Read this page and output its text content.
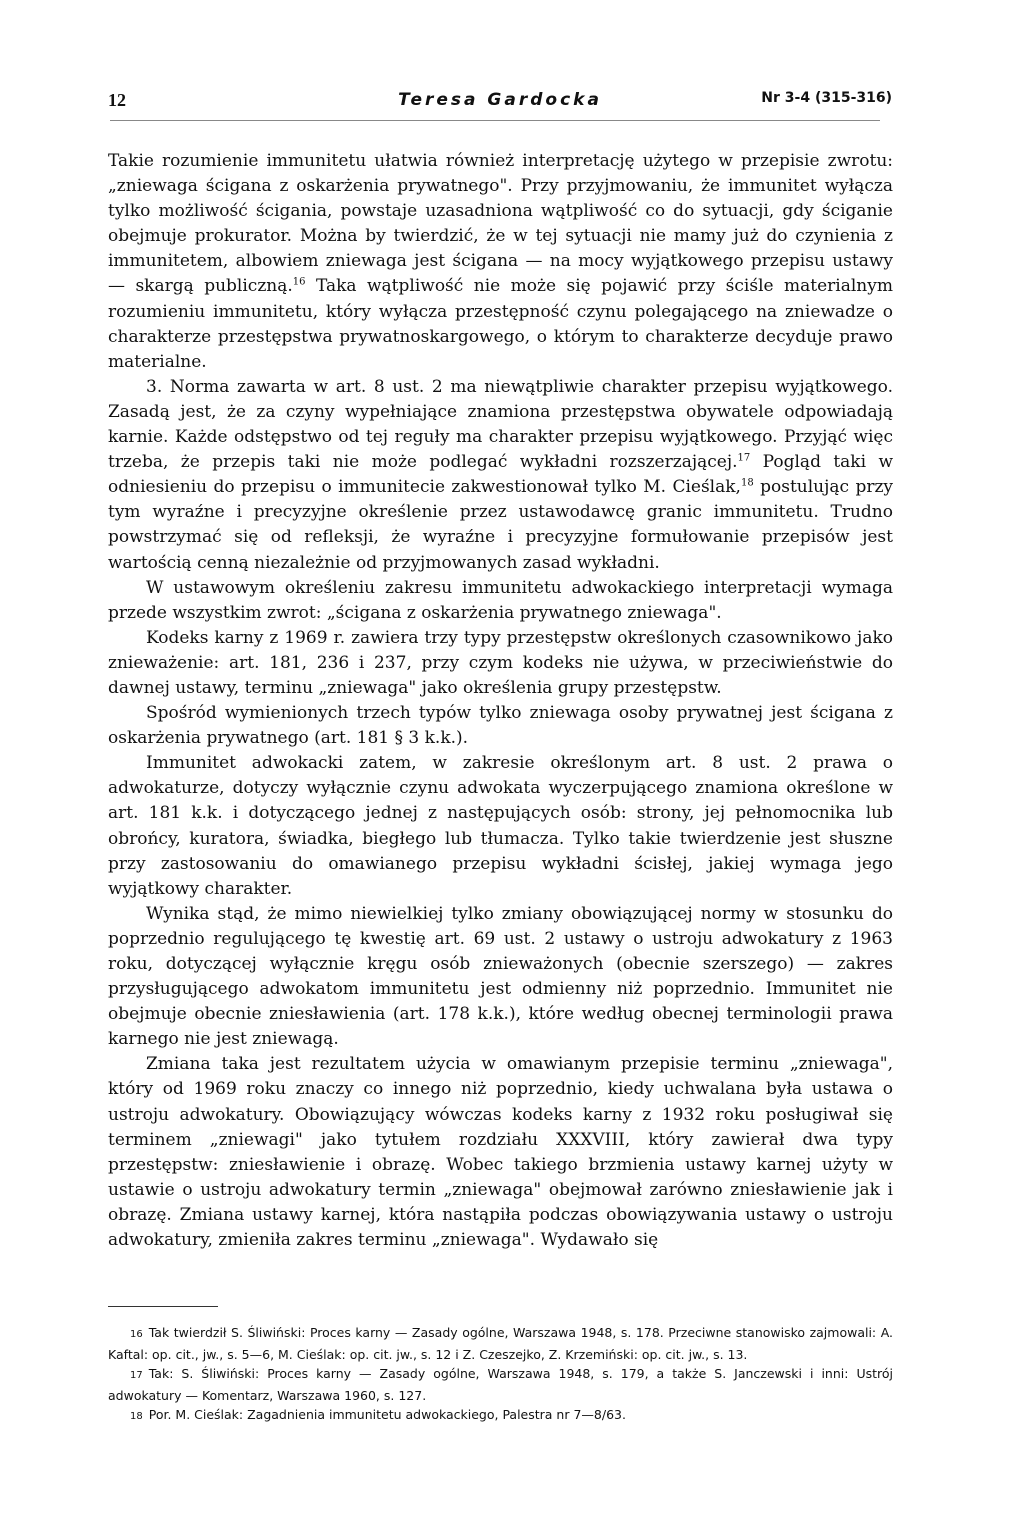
12	Teresa Gardocka	Nr 3-4 (315-316)

Takie rozumienie immunitetu ułatwia również interpretację użytego w przepisie zwrotu: „zniewaga ścigana z oskarżenia prywatnego". Przy przyjmowaniu, że immunitet wyłącza tylko możliwość ścigania, powstaje uzasadniona wątpliwość co do sytuacji, gdy ściganie obejmuje prokurator. Można by twierdzić, że w tej sytuacji nie mamy już do czynienia z immunitetem, albowiem zniewaga jest ścigana — na mocy wyjątkowego przepisu ustawy — skargą publiczną.$^{16}$ Taka wątpliwość nie może się pojawić przy ściśle materialnym rozumieniu immunitetu, który wyłącza przestępność czynu polegającego na zniewadze o charakterze przestępstwa prywatnoskargowego, o którym to charakterze decyduje prawo materialne.

3. Norma zawarta w art. 8 ust. 2 ma niewątpliwie charakter przepisu wyjątkowego. Zasadą jest, że za czyny wypełniające znamiona przestępstwa obywatele odpowiadają karnie. Każde odstępstwo od tej reguły ma charakter przepisu wyjątkowego. Przyjąć więc trzeba, że przepis taki nie może podlegać wykładni rozszerzającej.$^{17}$ Pogląd taki w odniesieniu do przepisu o immunitecie zakwestionował tylko M. Cieślak,$^{18}$ postulując przy tym wyraźne i precyzyjne określenie przez ustawodawcę granic immunitetu. Trudno powstrzymać się od refleksji, że wyraźne i precyzyjne formułowanie przepisów jest wartością cenną niezależnie od przyjmowanych zasad wykładni.

W ustawowym określeniu zakresu immunitetu adwokackiego interpretacji wymaga przede wszystkim zwrot: „ścigana z oskarżenia prywatnego zniewaga".

Kodeks karny z 1969 r. zawiera trzy typy przestępstw określonych czasownikowo jako znieważenie: art. 181, 236 i 237, przy czym kodeks nie używa, w przeciwieństwie do dawnej ustawy, terminu „zniewaga" jako określenia grupy przestępstw.

Spośród wymienionych trzech typów tylko zniewaga osoby prywatnej jest ścigana z oskarżenia prywatnego (art. 181 § 3 k.k.).

Immunitet adwokacki zatem, w zakresie określonym art. 8 ust. 2 prawa o adwokaturze, dotyczy wyłącznie czynu adwokata wyczerpującego znamiona określone w art. 181 k.k. i dotyczącego jednej z następujących osób: strony, jej pełnomocnika lub obrońcy, kuratora, świadka, biegłego lub tłumacza. Tylko takie twierdzenie jest słuszne przy zastosowaniu do omawianego przepisu wykładni ścisłej, jakiej wymaga jego wyjątkowy charakter.

Wynika stąd, że mimo niewielkiej tylko zmiany obowiązującej normy w stosunku do poprzednio regulującego tę kwestię art. 69 ust. 2 ustawy o ustroju adwokatury z 1963 roku, dotyczącej wyłącznie kręgu osób znieważonych (obecnie szerszego) — zakres przysługującego adwokatom immunitetu jest odmienny niż poprzednio. Immunitet nie obejmuje obecnie zniesławienia (art. 178 k.k.), które według obecnej terminologii prawa karnego nie jest zniewagą.

Zmiana taka jest rezultatem użycia w omawianym przepisie terminu „zniewaga", który od 1969 roku znaczy co innego niż poprzednio, kiedy uchwalana była ustawa o ustroju adwokatury. Obowiązujący wówczas kodeks karny z 1932 roku posługiwał się terminem „zniewagi" jako tytułem rozdziału XXXVIII, który zawierał dwa typy przestępstw: zniesławienie i obrazę. Wobec takiego brzmienia ustawy karnej użyty w ustawie o ustroju adwokatury termin „zniewaga" obejmował zarówno zniesławienie jak i obrazę. Zmiana ustawy karnej, która nastąpiła podczas obowiązywania ustawy o ustroju adwokatury, zmieniła zakres terminu „zniewaga". Wydawało się

16 Tak twierdził S. Śliwiński: Proces karny — Zasady ogólne, Warszawa 1948, s. 178. Przeciwne stanowisko zajmowali: A. Kaftal: op. cit., jw., s. 5—6, M. Cieślak: op. cit. jw., s. 12 i Z. Czeszejko, Z. Krzemiński: op. cit. jw., s. 13.

17 Tak: S. Śliwiński: Proces karny — Zasady ogólne, Warszawa 1948, s. 179, a także S. Janczewski i inni: Ustrój adwokatury — Komentarz, Warszawa 1960, s. 127.

18 Por. M. Cieślak: Zagadnienia immunitetu adwokackiego, Palestra nr 7—8/63.
